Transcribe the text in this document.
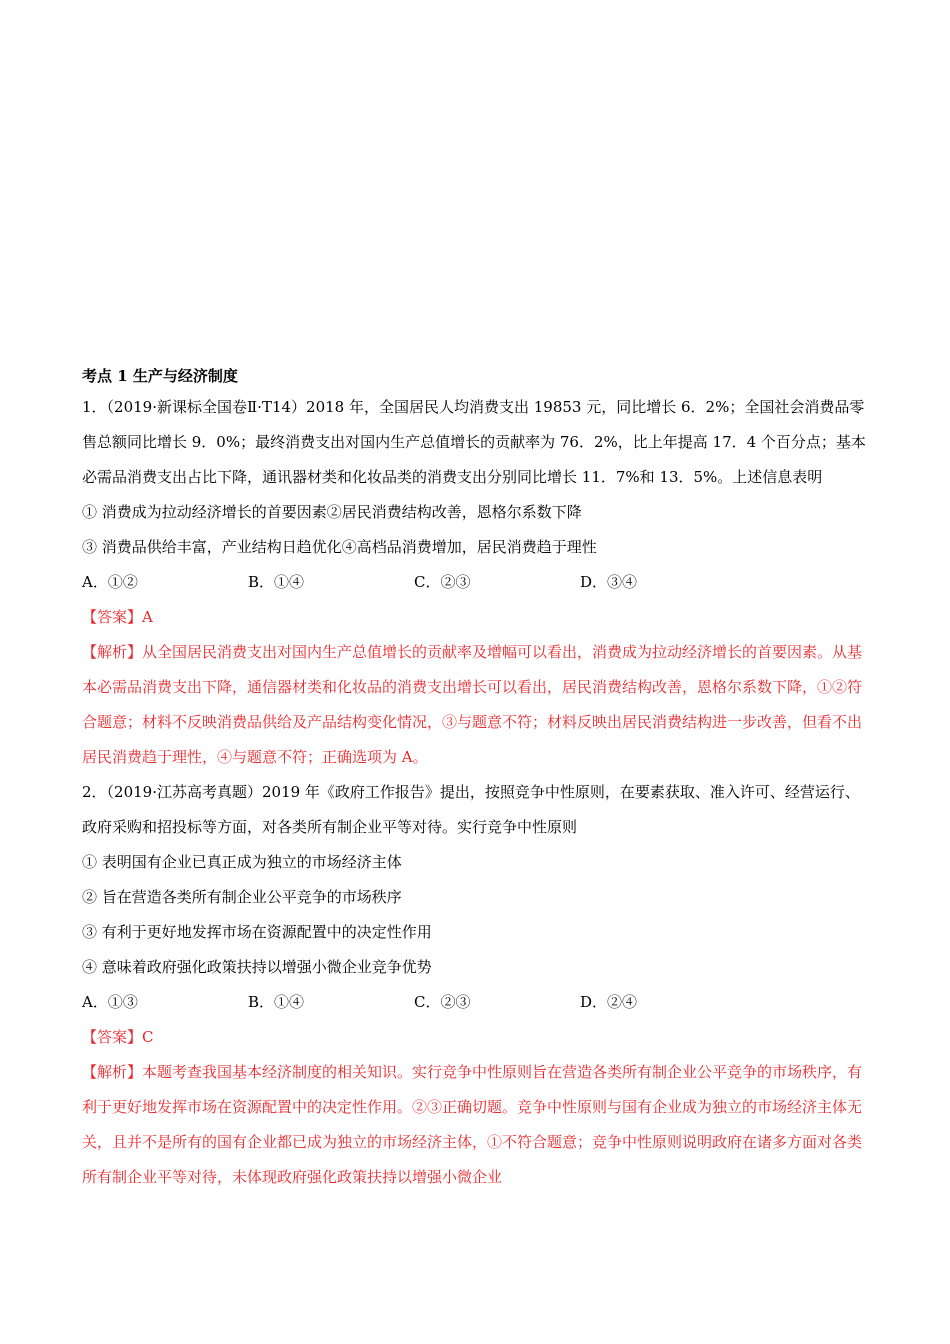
考点 1 生产与经济制度

1．（2019·新课标全国卷Ⅱ·T14）2018 年，全国居民人均消费支出 19853 元，同比增长 6．2%；全国社会消费品零售总额同比增长 9．0%；最终消费支出对国内生产总值增长的贡献率为 76．2%，比上年提高 17．4 个百分点；基本必需品消费支出占比下降，通讯器材类和化妆品类的消费支出分别同比增长 11．7%和 13．5%。上述信息表明

① 消费成为拉动经济增长的首要因素②居民消费结构改善，恩格尔系数下降
③ 消费品供给丰富，产业结构日趋优化④高档品消费增加，居民消费趋于理性
A．①②	B．①④	C．②③	D．③④
【答案】A

【解析】从全国居民消费支出对国内生产总值增长的贡献率及增幅可以看出，消费成为拉动经济增长的首要因素。从基本必需品消费支出下降，通信器材类和化妆品的消费支出增长可以看出，居民消费结构改善，恩格尔系数下降，①②符合题意；材料不反映消费品供给及产品结构变化情况，③与题意不符；材料反映出居民消费结构进一步改善，但看不出居民消费趋于理性，④与题意不符；正确选项为 A。

2．（2019·江苏高考真题）2019 年《政府工作报告》提出，按照竞争中性原则，在要素获取、准入许可、经营运行、政府采购和招投标等方面，对各类所有制企业平等对待。实行竞争中性原则

① 表明国有企业已真正成为独立的市场经济主体
② 旨在营造各类所有制企业公平竞争的市场秩序
③ 有利于更好地发挥市场在资源配置中的决定性作用
④ 意味着政府强化政策扶持以增强小微企业竞争优势
A．①③	B．①④	C．②③	D．②④
【答案】C

【解析】本题考查我国基本经济制度的相关知识。实行竞争中性原则旨在营造各类所有制企业公平竞争的市场秩序，有利于更好地发挥市场在资源配置中的决定性作用。②③正确切题。竞争中性原则与国有企业成为独立的市场经济主体无关，且并不是所有的国有企业都已成为独立的市场经济主体，①不符合题意；竞争中性原则说明政府在诸多方面对各类所有制企业平等对待，未体现政府强化政策扶持以增强小微企业
